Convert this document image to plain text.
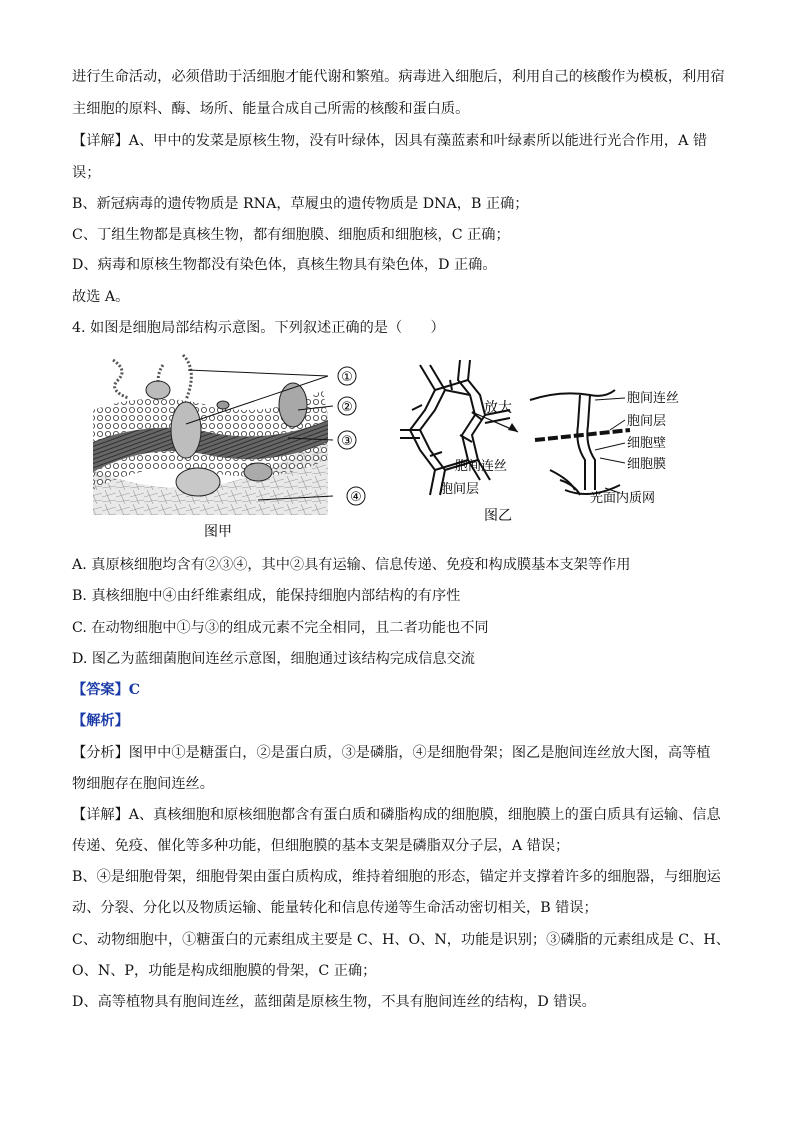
进行生命活动，必须借助于活细胞才能代谢和繁殖。病毒进入细胞后，利用自己的核酸作为模板，利用宿
主细胞的原料、酶、场所、能量合成自己所需的核酸和蛋白质。
【详解】A、甲中的发菜是原核生物，没有叶绿体，因具有藻蓝素和叶绿素所以能进行光合作用，A 错
误；
B、新冠病毒的遗传物质是 RNA，草履虫的遗传物质是 DNA，B 正确；
C、丁组生物都是真核生物，都有细胞膜、细胞质和细胞核，C 正确；
D、病毒和原核生物都没有染色体，真核生物具有染色体，D 正确。
故选 A。
4. 如图是细胞局部结构示意图。下列叙述正确的是（　　）
①
②
③
④
图甲
放大
胞间连丝
胞间层
胞间连丝
胞间层
细胞壁
细胞膜
光面内质网
图乙
A. 真原核细胞均含有②③④，其中②具有运输、信息传递、免疫和构成膜基本支架等作用
B. 真核细胞中④由纤维素组成，能保持细胞内部结构的有序性
C. 在动物细胞中①与③的组成元素不完全相同，且二者功能也不同
D. 图乙为蓝细菌胞间连丝示意图，细胞通过该结构完成信息交流
【答案】C
【解析】
【分析】图甲中①是糖蛋白，②是蛋白质，③是磷脂，④是细胞骨架；图乙是胞间连丝放大图，高等植
物细胞存在胞间连丝。
【详解】A、真核细胞和原核细胞都含有蛋白质和磷脂构成的细胞膜，细胞膜上的蛋白质具有运输、信息
传递、免疫、催化等多种功能，但细胞膜的基本支架是磷脂双分子层，A 错误；
B、④是细胞骨架，细胞骨架由蛋白质构成，维持着细胞的形态，锚定并支撑着许多的细胞器，与细胞运
动、分裂、分化以及物质运输、能量转化和信息传递等生命活动密切相关，B 错误；
C、动物细胞中，①糖蛋白的元素组成主要是 C、H、O、N，功能是识别；③磷脂的元素组成是 C、H、
O、N、P，功能是构成细胞膜的骨架，C 正确；
D、高等植物具有胞间连丝，蓝细菌是原核生物，不具有胞间连丝的结构，D 错误。
